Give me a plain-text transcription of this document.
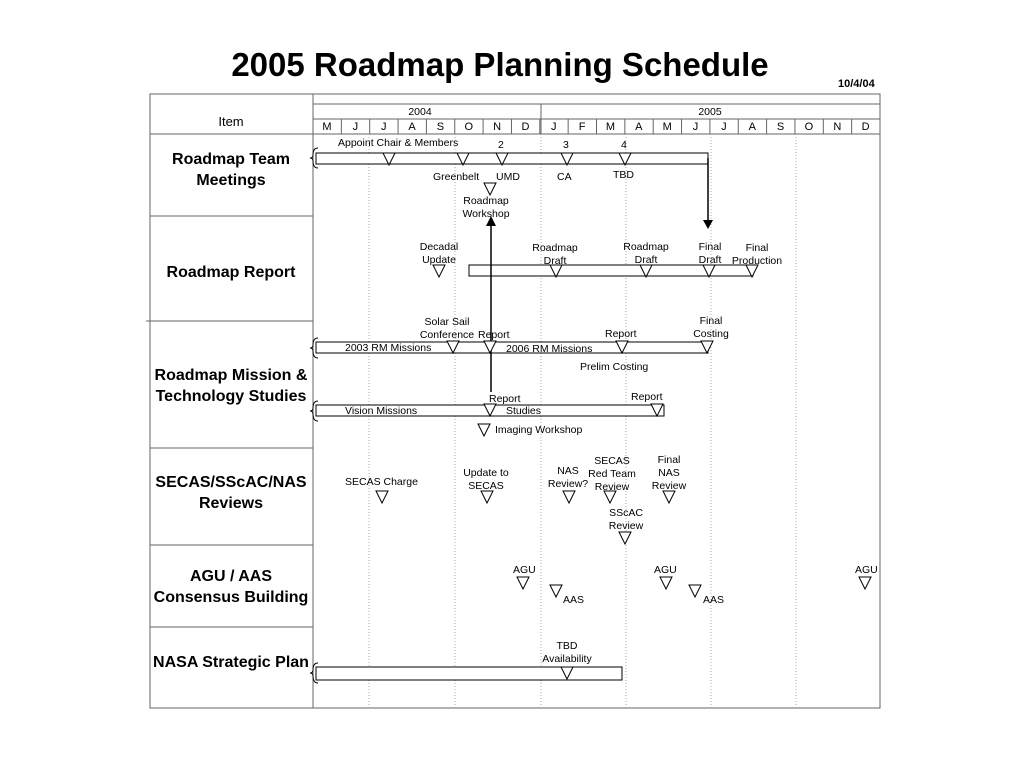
2005 Roadmap Planning Schedule
10/4/04
Item
2004	2005
M	J	J	A	S	O	N	D	J	F	M	A	M	J	J	A	S	O	N	D
Roadmap Team Meetings
Roadmap Report
Roadmap Mission & Technology Studies
SECAS/SScAC/NAS Reviews
AGU / AAS Consensus Building
NASA Strategic Plan
Appoint Chair & Members	2	3	4
Greenbelt UMD	CA	TBD
Roadmap Workshop
Decadal Update
Roadmap Draft
Roadmap Draft
Final Draft
Final Production
Solar Sail Conference Report	Report
Final Costing
2003 RM Missions	2006 RM Missions
Prelim Costing
Report	Report
Vision Missions	Studies
Imaging Workshop
SECAS Charge
Update to SECAS
NAS Review?
SECAS Red Team Review
Final NAS Review
SScAC Review
AGU	AGU	AGU
AAS	AAS
TBD Availability
